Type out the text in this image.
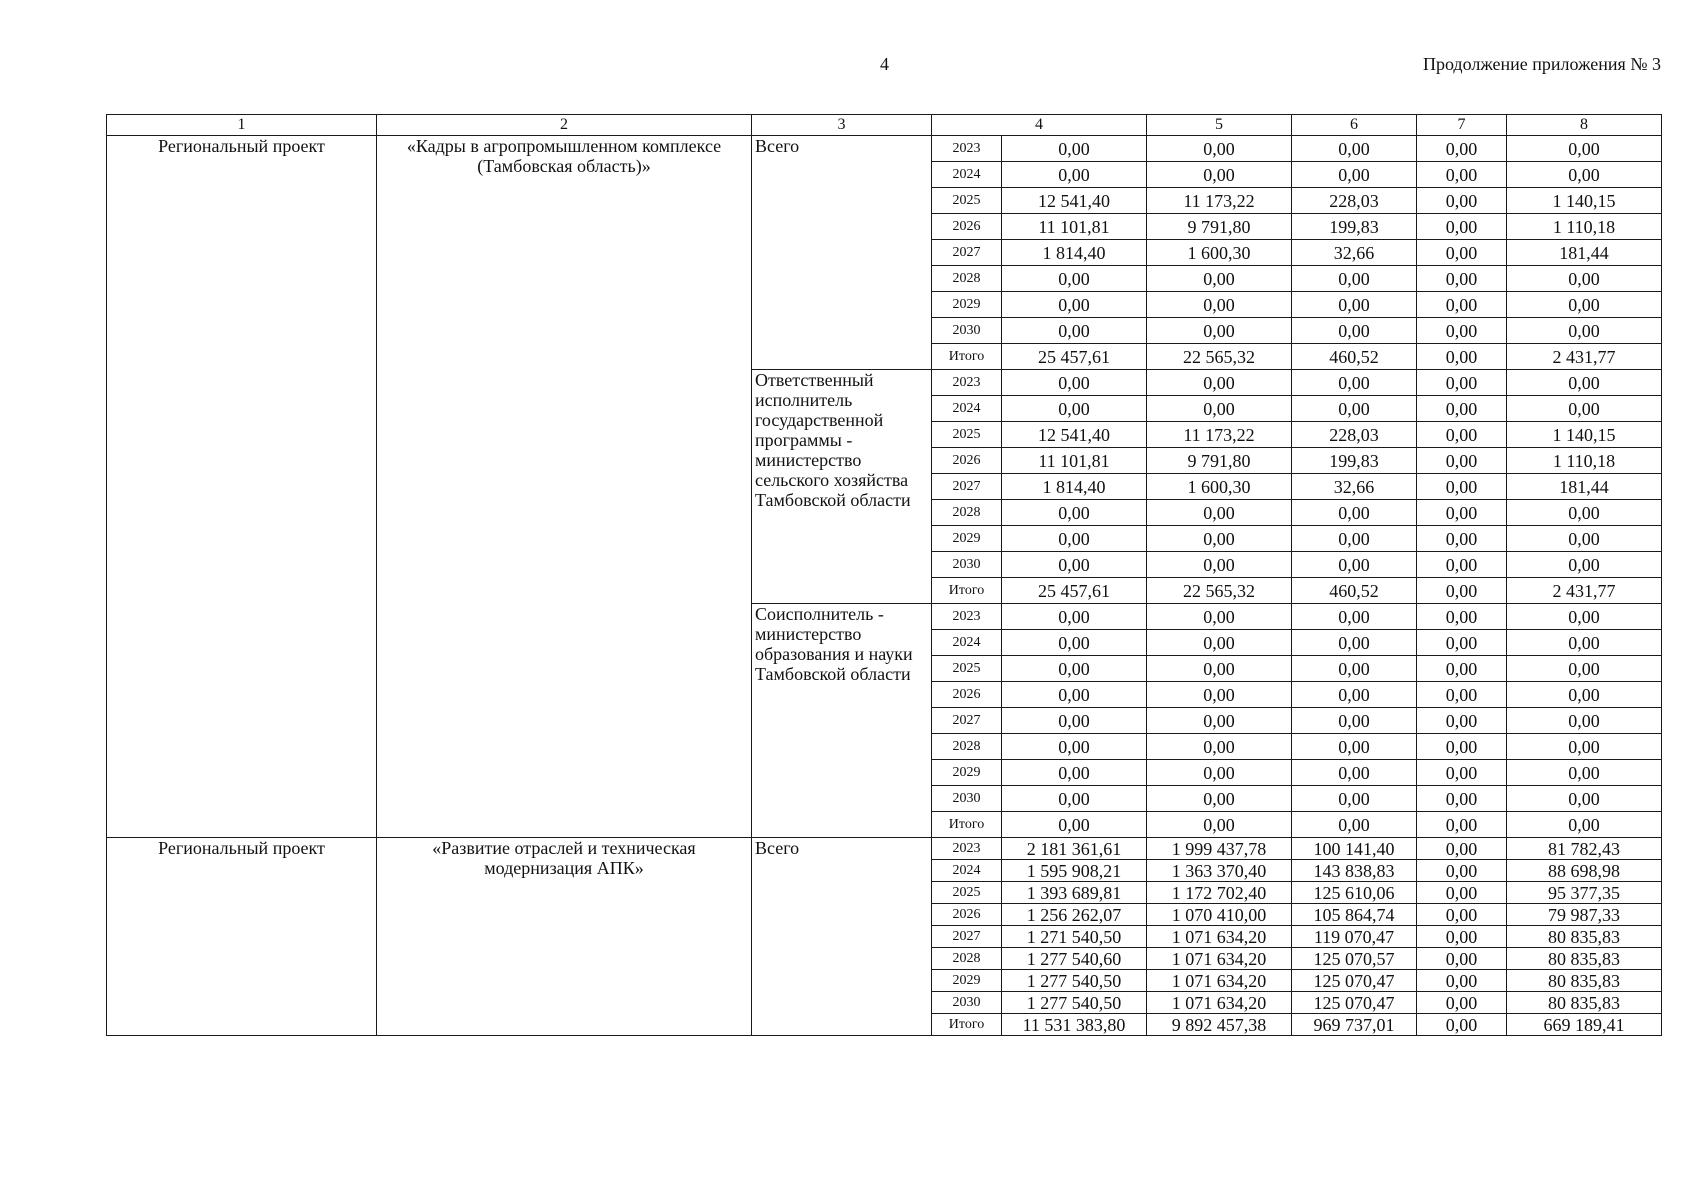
4	Продолжение приложения № 3
1	2	3	4		5	6	7	8
Региональный проект	«Кадры в агропромышленном комплексе (Тамбовская область)»	Всего	2023	0,00	0,00	0,00	0,00	0,00
			2024	0,00	0,00	0,00	0,00	0,00
			2025	12 541,40	11 173,22	228,03	0,00	1 140,15
			2026	11 101,81	9 791,80	199,83	0,00	1 110,18
			2027	1 814,40	1 600,30	32,66	0,00	181,44
			2028	0,00	0,00	0,00	0,00	0,00
			2029	0,00	0,00	0,00	0,00	0,00
			2030	0,00	0,00	0,00	0,00	0,00
			Итого	25 457,61	22 565,32	460,52	0,00	2 431,77
		Ответственный исполнитель государственной программы - министерство сельского хозяйства Тамбовской области	2023	0,00	0,00	0,00	0,00	0,00
			2024	0,00	0,00	0,00	0,00	0,00
			2025	12 541,40	11 173,22	228,03	0,00	1 140,15
			2026	11 101,81	9 791,80	199,83	0,00	1 110,18
			2027	1 814,40	1 600,30	32,66	0,00	181,44
			2028	0,00	0,00	0,00	0,00	0,00
			2029	0,00	0,00	0,00	0,00	0,00
			2030	0,00	0,00	0,00	0,00	0,00
			Итого	25 457,61	22 565,32	460,52	0,00	2 431,77
		Соисполнитель - министерство образования и науки Тамбовской области	2023	0,00	0,00	0,00	0,00	0,00
			2024	0,00	0,00	0,00	0,00	0,00
			2025	0,00	0,00	0,00	0,00	0,00
			2026	0,00	0,00	0,00	0,00	0,00
			2027	0,00	0,00	0,00	0,00	0,00
			2028	0,00	0,00	0,00	0,00	0,00
			2029	0,00	0,00	0,00	0,00	0,00
			2030	0,00	0,00	0,00	0,00	0,00
			Итого	0,00	0,00	0,00	0,00	0,00
Региональный проект	«Развитие отраслей и техническая модернизация АПК»	Всего	2023	2 181 361,61	1 999 437,78	100 141,40	0,00	81 782,43
			2024	1 595 908,21	1 363 370,40	143 838,83	0,00	88 698,98
			2025	1 393 689,81	1 172 702,40	125 610,06	0,00	95 377,35
			2026	1 256 262,07	1 070 410,00	105 864,74	0,00	79 987,33
			2027	1 271 540,50	1 071 634,20	119 070,47	0,00	80 835,83
			2028	1 277 540,60	1 071 634,20	125 070,57	0,00	80 835,83
			2029	1 277 540,50	1 071 634,20	125 070,47	0,00	80 835,83
			2030	1 277 540,50	1 071 634,20	125 070,47	0,00	80 835,83
			Итого	11 531 383,80	9 892 457,38	969 737,01	0,00	669 189,41
